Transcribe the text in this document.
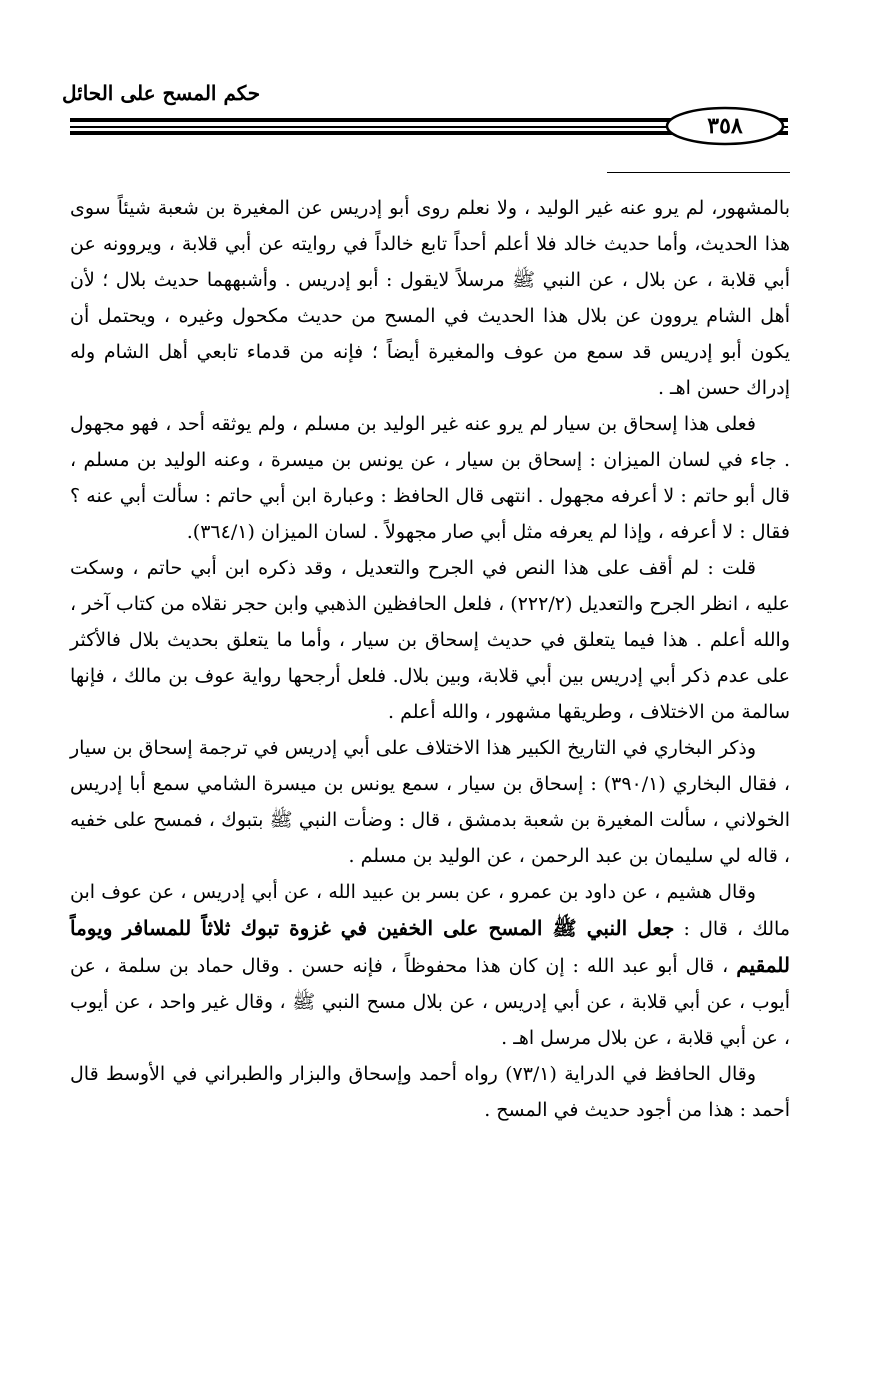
حكم المسح على الحائل
٣٥٨

بالمشهور، لم يرو عنه غير الوليد ، ولا نعلم روى أبو إدريس عن المغيرة بن شعبة شيئاً سوى هذا الحديث، وأما حديث خالد فلا أعلم أحداً تابع خالداً في روايته عن أبي قلابة ، ويروونه عن أبي قلابة ، عن بلال ، عن النبي ﷺ مرسلاً لايقول : أبو إدريس . وأشبههما حديث بلال ؛ لأن أهل الشام يروون عن بلال هذا الحديث في المسح من حديث مكحول وغيره ، ويحتمل أن يكون أبو إدريس قد سمع من عوف والمغيرة أيضاً ؛ فإنه من قدماء تابعي أهل الشام وله إدراك حسن اهـ .

فعلى هذا إسحاق بن سيار لم يرو عنه غير الوليد بن مسلم ، ولم يوثقه أحد ، فهو مجهول . جاء في لسان الميزان : إسحاق بن سيار ، عن يونس بن ميسرة ، وعنه الوليد بن مسلم ، قال أبو حاتم : لا أعرفه مجهول . انتهى قال الحافظ : وعبارة ابن أبي حاتم : سألت أبي عنه ؟ فقال : لا أعرفه ، وإذا لم يعرفه مثل أبي صار مجهولاً . لسان الميزان (٣٦٤/١).

قلت : لم أقف على هذا النص في الجرح والتعديل ، وقد ذكره ابن أبي حاتم ، وسكت عليه ، انظر الجرح والتعديل (٢٢٢/٢) ، فلعل الحافظين الذهبي وابن حجر نقلاه من كتاب آخر ، والله أعلم . هذا فيما يتعلق في حديث إسحاق بن سيار ، وأما ما يتعلق بحديث بلال فالأكثر على عدم ذكر أبي إدريس بين أبي قلابة، وبين بلال. فلعل أرجحها رواية عوف بن مالك ، فإنها سالمة من الاختلاف ، وطريقها مشهور ، والله أعلم .

وذكر البخاري في التاريخ الكبير هذا الاختلاف على أبي إدريس في ترجمة إسحاق بن سيار ، فقال البخاري (٣٩٠/١) : إسحاق بن سيار ، سمع يونس بن ميسرة الشامي سمع أبا إدريس الخولاني ، سألت المغيرة بن شعبة بدمشق ، قال : وضأت النبي ﷺ بتبوك ، فمسح على خفيه ، قاله لي سليمان بن عبد الرحمن ، عن الوليد بن مسلم .

وقال هشيم ، عن داود بن عمرو ، عن بسر بن عبيد الله ، عن أبي إدريس ، عن عوف ابن مالك ، قال : جعل النبي ﷺ المسح على الخفين في غزوة تبوك ثلاثاً للمسافر ويوماً للمقيم ، قال أبو عبد الله : إن كان هذا محفوظاً ، فإنه حسن . وقال حماد بن سلمة ، عن أيوب ، عن أبي قلابة ، عن أبي إدريس ، عن بلال مسح النبي ﷺ ، وقال غير واحد ، عن أيوب ، عن أبي قلابة ، عن بلال مرسل اهـ .

وقال الحافظ في الدراية (٧٣/١) رواه أحمد وإسحاق والبزار والطبراني في الأوسط قال أحمد : هذا من أجود حديث في المسح .
